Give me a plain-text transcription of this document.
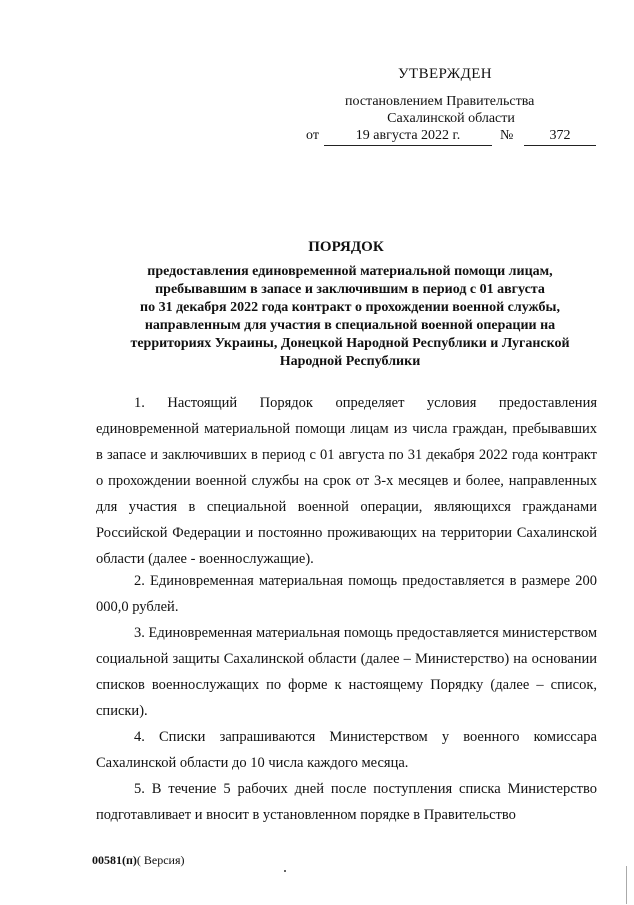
УТВЕРЖДЕН
постановлением Правительства
Сахалинской области
от	19 августа 2022 г.	№	372
ПОРЯДОК

предоставления единовременной материальной помощи лицам,
пребывавшим в запасе и заключившим в период с 01 августа
по 31 декабря 2022 года контракт о прохождении военной службы,
направленным для участия в специальной военной операции на
территориях Украины, Донецкой Народной Республики и Луганской
Народной Республики

1. Настоящий Порядок определяет условия предоставления единовременной материальной помощи лицам из числа граждан, пребывавших в запасе и заключивших в период с 01 августа по 31 декабря 2022 года контракт о прохождении военной службы на срок от 3-х месяцев и более, направленных для участия в специальной военной операции, являющихся гражданами Российской Федерации и постоянно проживающих на территории Сахалинской области (далее - военнослужащие).

2. Единовременная материальная помощь предоставляется в размере 200 000,0 рублей.

3. Единовременная материальная помощь предоставляется министерством социальной защиты Сахалинской области (далее – Министерство) на основании списков военнослужащих по форме к настоящему Порядку (далее – список, списки).

4. Списки запрашиваются Министерством у военного комиссара Сахалинской области до 10 числа каждого месяца.

5. В течение 5 рабочих дней после поступления списка Министерство подготавливает и вносит в установленном порядке в Правительство

00581(п)( Версия)
